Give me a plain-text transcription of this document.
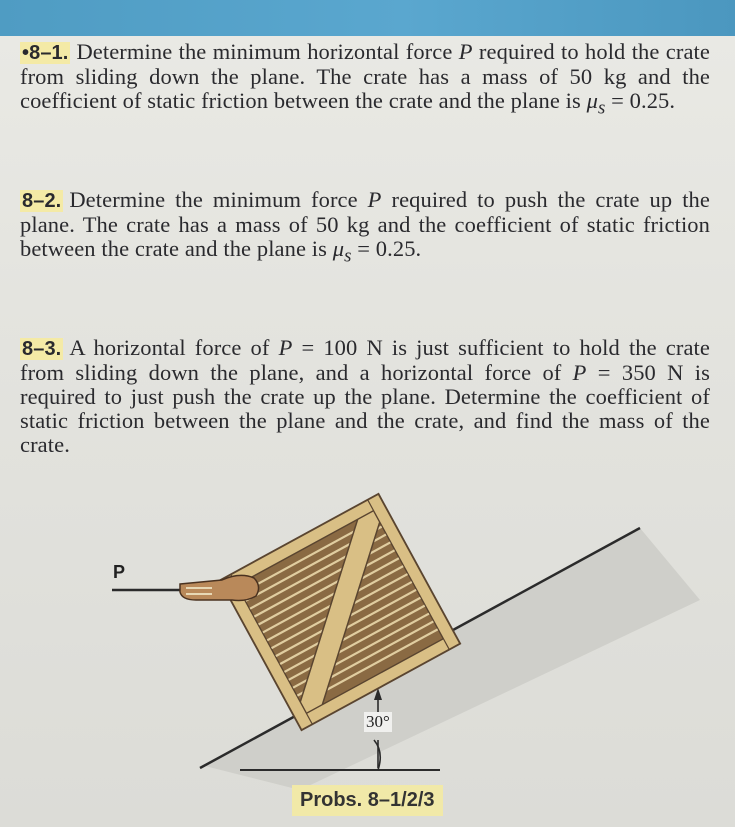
•8–1. Determine the minimum horizontal force P required to hold the crate from sliding down the plane. The crate has a mass of 50 kg and the coefficient of static friction between the crate and the plane is $\mu_s = 0.25$.
8–2. Determine the minimum force P required to push the crate up the plane. The crate has a mass of 50 kg and the coefficient of static friction between the crate and the plane is $\mu_s = 0.25$.
8–3. A horizontal force of P = 100 N is just sufficient to hold the crate from sliding down the plane, and a horizontal force of P = 350 N is required to just push the crate up the plane. Determine the coefficient of static friction between the plane and the crate, and find the mass of the crate.
P
30°
Probs. 8–1/2/3
